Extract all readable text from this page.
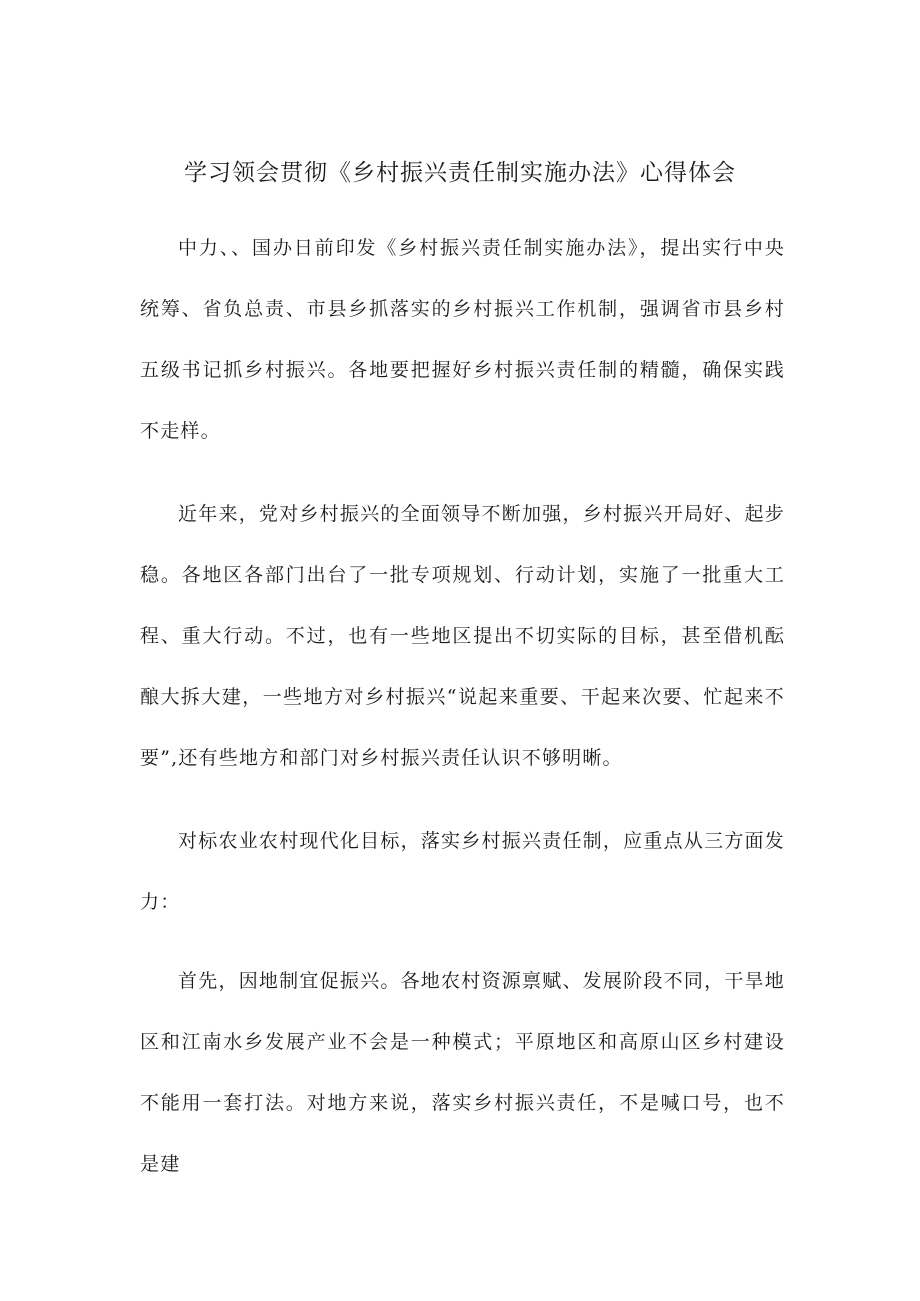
学习领会贯彻《乡村振兴责任制实施办法》心得体会

中力、、国办日前印发《乡村振兴责任制实施办法》，提出实行中央统筹、省负总责、市县乡抓落实的乡村振兴工作机制，强调省市县乡村五级书记抓乡村振兴。各地要把握好乡村振兴责任制的精髓，确保实践不走样。

近年来，党对乡村振兴的全面领导不断加强，乡村振兴开局好、起步稳。各地区各部门出台了一批专项规划、行动计划，实施了一批重大工程、重大行动。不过，也有一些地区提出不切实际的目标，甚至借机酝酿大拆大建，一些地方对乡村振兴“说起来重要、干起来次要、忙起来不要”,还有些地方和部门对乡村振兴责任认识不够明晰。

对标农业农村现代化目标，落实乡村振兴责任制，应重点从三方面发力：

首先，因地制宜促振兴。各地农村资源禀赋、发展阶段不同，干旱地区和江南水乡发展产业不会是一种模式；平原地区和高原山区乡村建设不能用一套打法。对地方来说，落实乡村振兴责任，不是喊口号，也不是建
